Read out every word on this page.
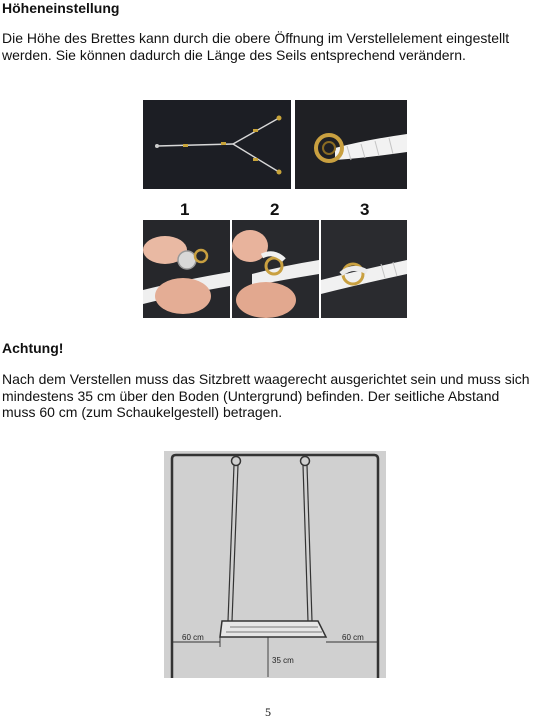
Höheneinstellung
Die Höhe des Brettes kann durch die obere Öffnung im Verstellelement eingestellt werden. Sie können dadurch die Länge des Seils entsprechend verändern.
1	2	3
Achtung!
Nach dem Verstellen muss das Sitzbrett waagerecht ausgerichtet sein und muss sich mindestens 35 cm über den Boden (Untergrund) befinden. Der seitliche Abstand muss 60 cm (zum Schaukelgestell) betragen.
60 cm	60 cm
35 cm
5
